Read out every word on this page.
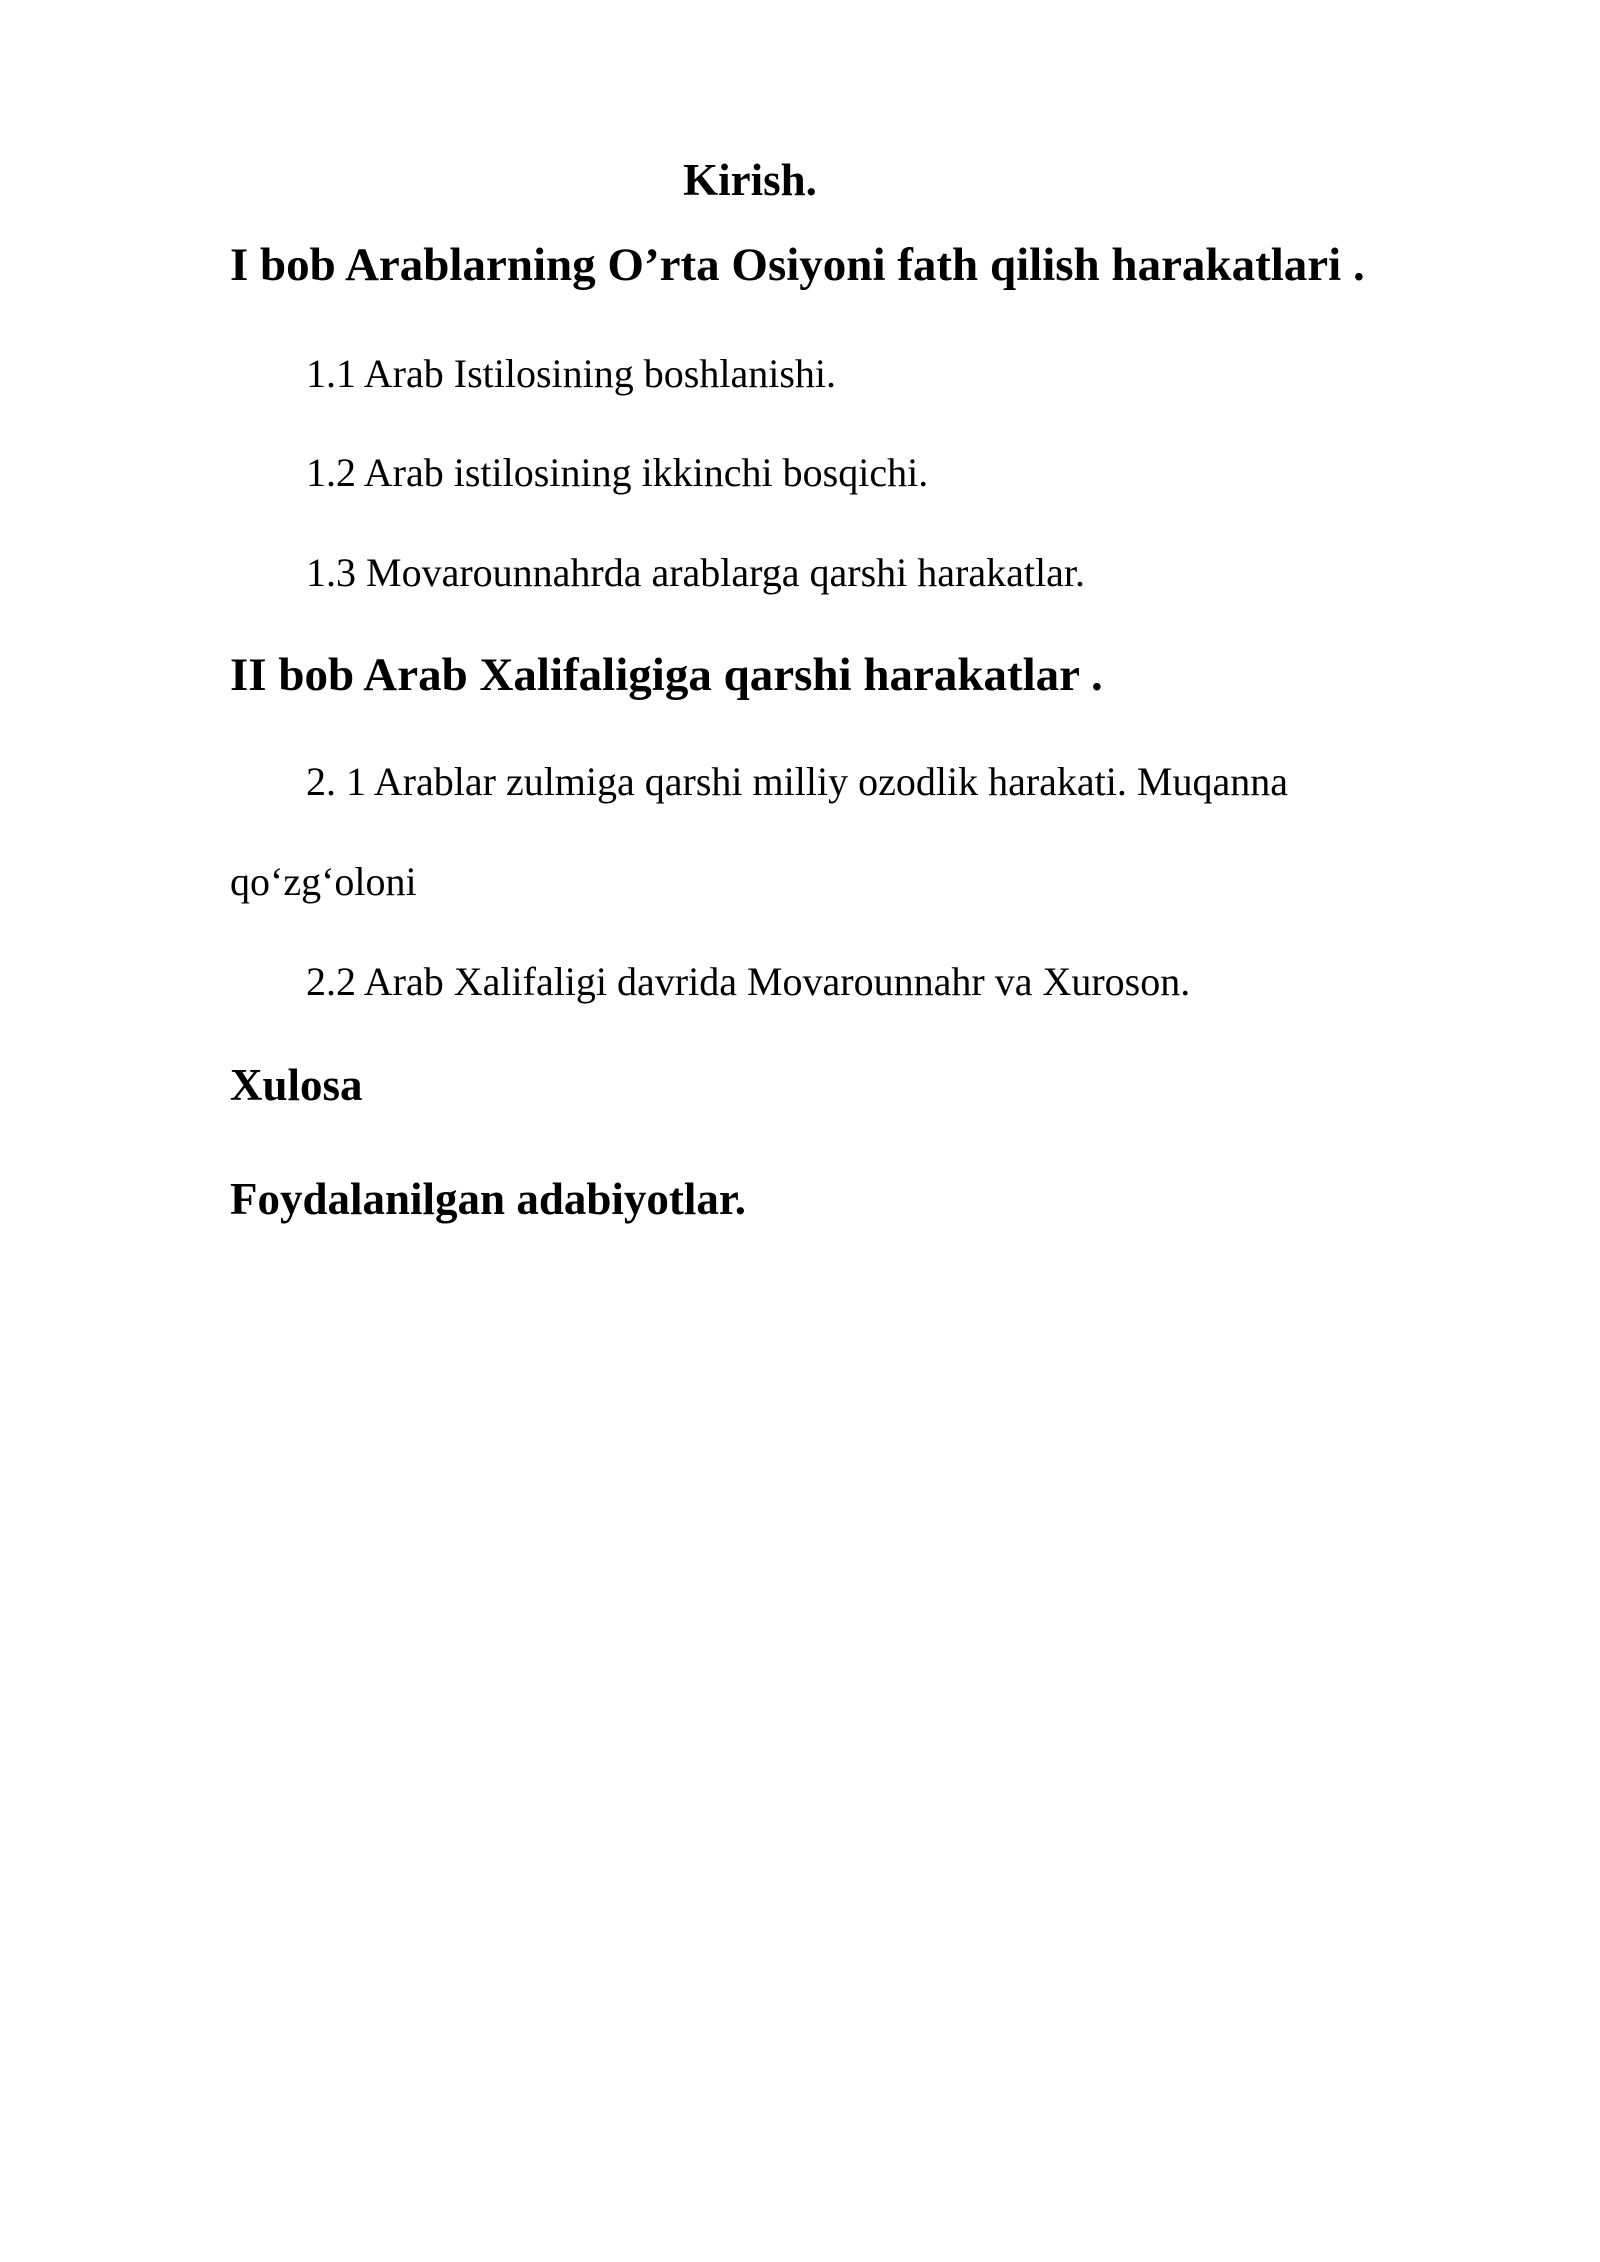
Kirish.
I bob Arablarning O’rta Osiyoni fath qilish harakatlari .
1.1 Arab Istilosining boshlanishi.
1.2 Arab istilosining ikkinchi bosqichi.
1.3 Movarounnahrda arablarga qarshi harakatlar.
II bob Arab Xalifaligiga qarshi harakatlar .
2. 1 Arablar zulmiga qarshi milliy ozodlik harakati. Muqanna
qo‘zg‘oloni
2.2 Arab Xalifaligi davrida Movarounnahr va Xuroson.
Xulosa
Foydalanilgan adabiyotlar.
